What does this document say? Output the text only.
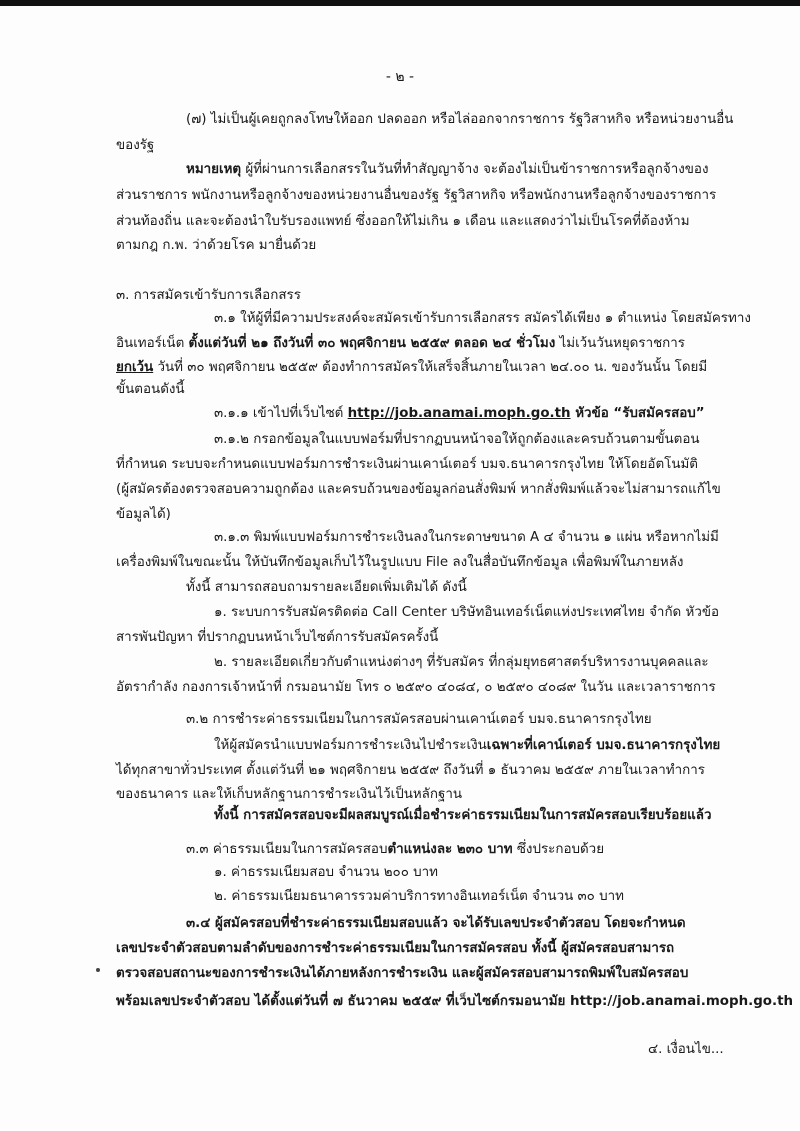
- ๒ -
(๗) ไม่เป็นผู้เคยถูกลงโทษให้ออก ปลดออก หรือไล่ออกจากราชการ รัฐวิสาหกิจ หรือหน่วยงานอื่น
ของรัฐ
หมายเหตุ ผู้ที่ผ่านการเลือกสรรในวันที่ทำสัญญาจ้าง จะต้องไม่เป็นข้าราชการหรือลูกจ้างของ
ส่วนราชการ พนักงานหรือลูกจ้างของหน่วยงานอื่นของรัฐ รัฐวิสาหกิจ หรือพนักงานหรือลูกจ้างของราชการ
ส่วนท้องถิ่น และจะต้องนำใบรับรองแพทย์ ซึ่งออกให้ไม่เกิน ๑ เดือน และแสดงว่าไม่เป็นโรคที่ต้องห้าม
ตามกฎ ก.พ. ว่าด้วยโรค มายื่นด้วย
๓. การสมัครเข้ารับการเลือกสรร
๓.๑ ให้ผู้ที่มีความประสงค์จะสมัครเข้ารับการเลือกสรร สมัครได้เพียง ๑ ตำแหน่ง โดยสมัครทาง
อินเทอร์เน็ต ตั้งแต่วันที่ ๒๑ ถึงวันที่ ๓๐ พฤศจิกายน ๒๕๕๙ ตลอด ๒๔ ชั่วโมง ไม่เว้นวันหยุดราชการ
ยกเว้น วันที่ ๓๐ พฤศจิกายน ๒๕๕๙ ต้องทำการสมัครให้เสร็จสิ้นภายในเวลา ๒๔.๐๐ น. ของวันนั้น โดยมี
ขั้นตอนดังนี้
๓.๑.๑ เข้าไปที่เว็บไซต์ http://job.anamai.moph.go.th หัวข้อ “รับสมัครสอบ”
๓.๑.๒ กรอกข้อมูลในแบบฟอร์มที่ปรากฏบนหน้าจอให้ถูกต้องและครบถ้วนตามขั้นตอน
ที่กำหนด ระบบจะกำหนดแบบฟอร์มการชำระเงินผ่านเคาน์เตอร์ บมจ.ธนาคารกรุงไทย ให้โดยอัตโนมัติ
(ผู้สมัครต้องตรวจสอบความถูกต้อง และครบถ้วนของข้อมูลก่อนสั่งพิมพ์ หากสั่งพิมพ์แล้วจะไม่สามารถแก้ไข
ข้อมูลได้)
๓.๑.๓ พิมพ์แบบฟอร์มการชำระเงินลงในกระดาษขนาด A ๔ จำนวน ๑ แผ่น หรือหากไม่มี
เครื่องพิมพ์ในขณะนั้น ให้บันทึกข้อมูลเก็บไว้ในรูปแบบ File ลงในสื่อบันทึกข้อมูล เพื่อพิมพ์ในภายหลัง
ทั้งนี้ สามารถสอบถามรายละเอียดเพิ่มเติมได้ ดังนี้
๑. ระบบการรับสมัครติดต่อ Call Center บริษัทอินเทอร์เน็ตแห่งประเทศไทย จำกัด หัวข้อ
สารพันปัญหา ที่ปรากฏบนหน้าเว็บไซต์การรับสมัครครั้งนี้
๒. รายละเอียดเกี่ยวกับตำแหน่งต่างๆ ที่รับสมัคร ที่กลุ่มยุทธศาสตร์บริหารงานบุคคลและ
อัตรากำลัง กองการเจ้าหน้าที่ กรมอนามัย โทร ๐ ๒๕๙๐ ๔๐๘๔, ๐ ๒๕๙๐ ๔๐๘๙ ในวัน และเวลาราชการ
๓.๒ การชำระค่าธรรมเนียมในการสมัครสอบผ่านเคาน์เตอร์ บมจ.ธนาคารกรุงไทย
ให้ผู้สมัครนำแบบฟอร์มการชำระเงินไปชำระเงินเฉพาะที่เคาน์เตอร์ บมจ.ธนาคารกรุงไทย
ได้ทุกสาขาทั่วประเทศ ตั้งแต่วันที่ ๒๑ พฤศจิกายน ๒๕๕๙ ถึงวันที่ ๑ ธันวาคม ๒๕๕๙ ภายในเวลาทำการ
ของธนาคาร และให้เก็บหลักฐานการชำระเงินไว้เป็นหลักฐาน
ทั้งนี้ การสมัครสอบจะมีผลสมบูรณ์เมื่อชำระค่าธรรมเนียมในการสมัครสอบเรียบร้อยแล้ว
๓.๓ ค่าธรรมเนียมในการสมัครสอบตำแหน่งละ ๒๓๐ บาท ซึ่งประกอบด้วย
๑. ค่าธรรมเนียมสอบ จำนวน ๒๐๐ บาท
๒. ค่าธรรมเนียมธนาคารรวมค่าบริการทางอินเทอร์เน็ต จำนวน ๓๐ บาท
๓.๔ ผู้สมัครสอบที่ชำระค่าธรรมเนียมสอบแล้ว จะได้รับเลขประจำตัวสอบ โดยจะกำหนด
เลขประจำตัวสอบตามลำดับของการชำระค่าธรรมเนียมในการสมัครสอบ ทั้งนี้ ผู้สมัครสอบสามารถ
ตรวจสอบสถานะของการชำระเงินได้ภายหลังการชำระเงิน และผู้สมัครสอบสามารถพิมพ์ใบสมัครสอบ
พร้อมเลขประจำตัวสอบ ได้ตั้งแต่วันที่ ๗ ธันวาคม ๒๕๕๙ ที่เว็บไซต์กรมอนามัย http://job.anamai.moph.go.th
๔. เงื่อนไข...
